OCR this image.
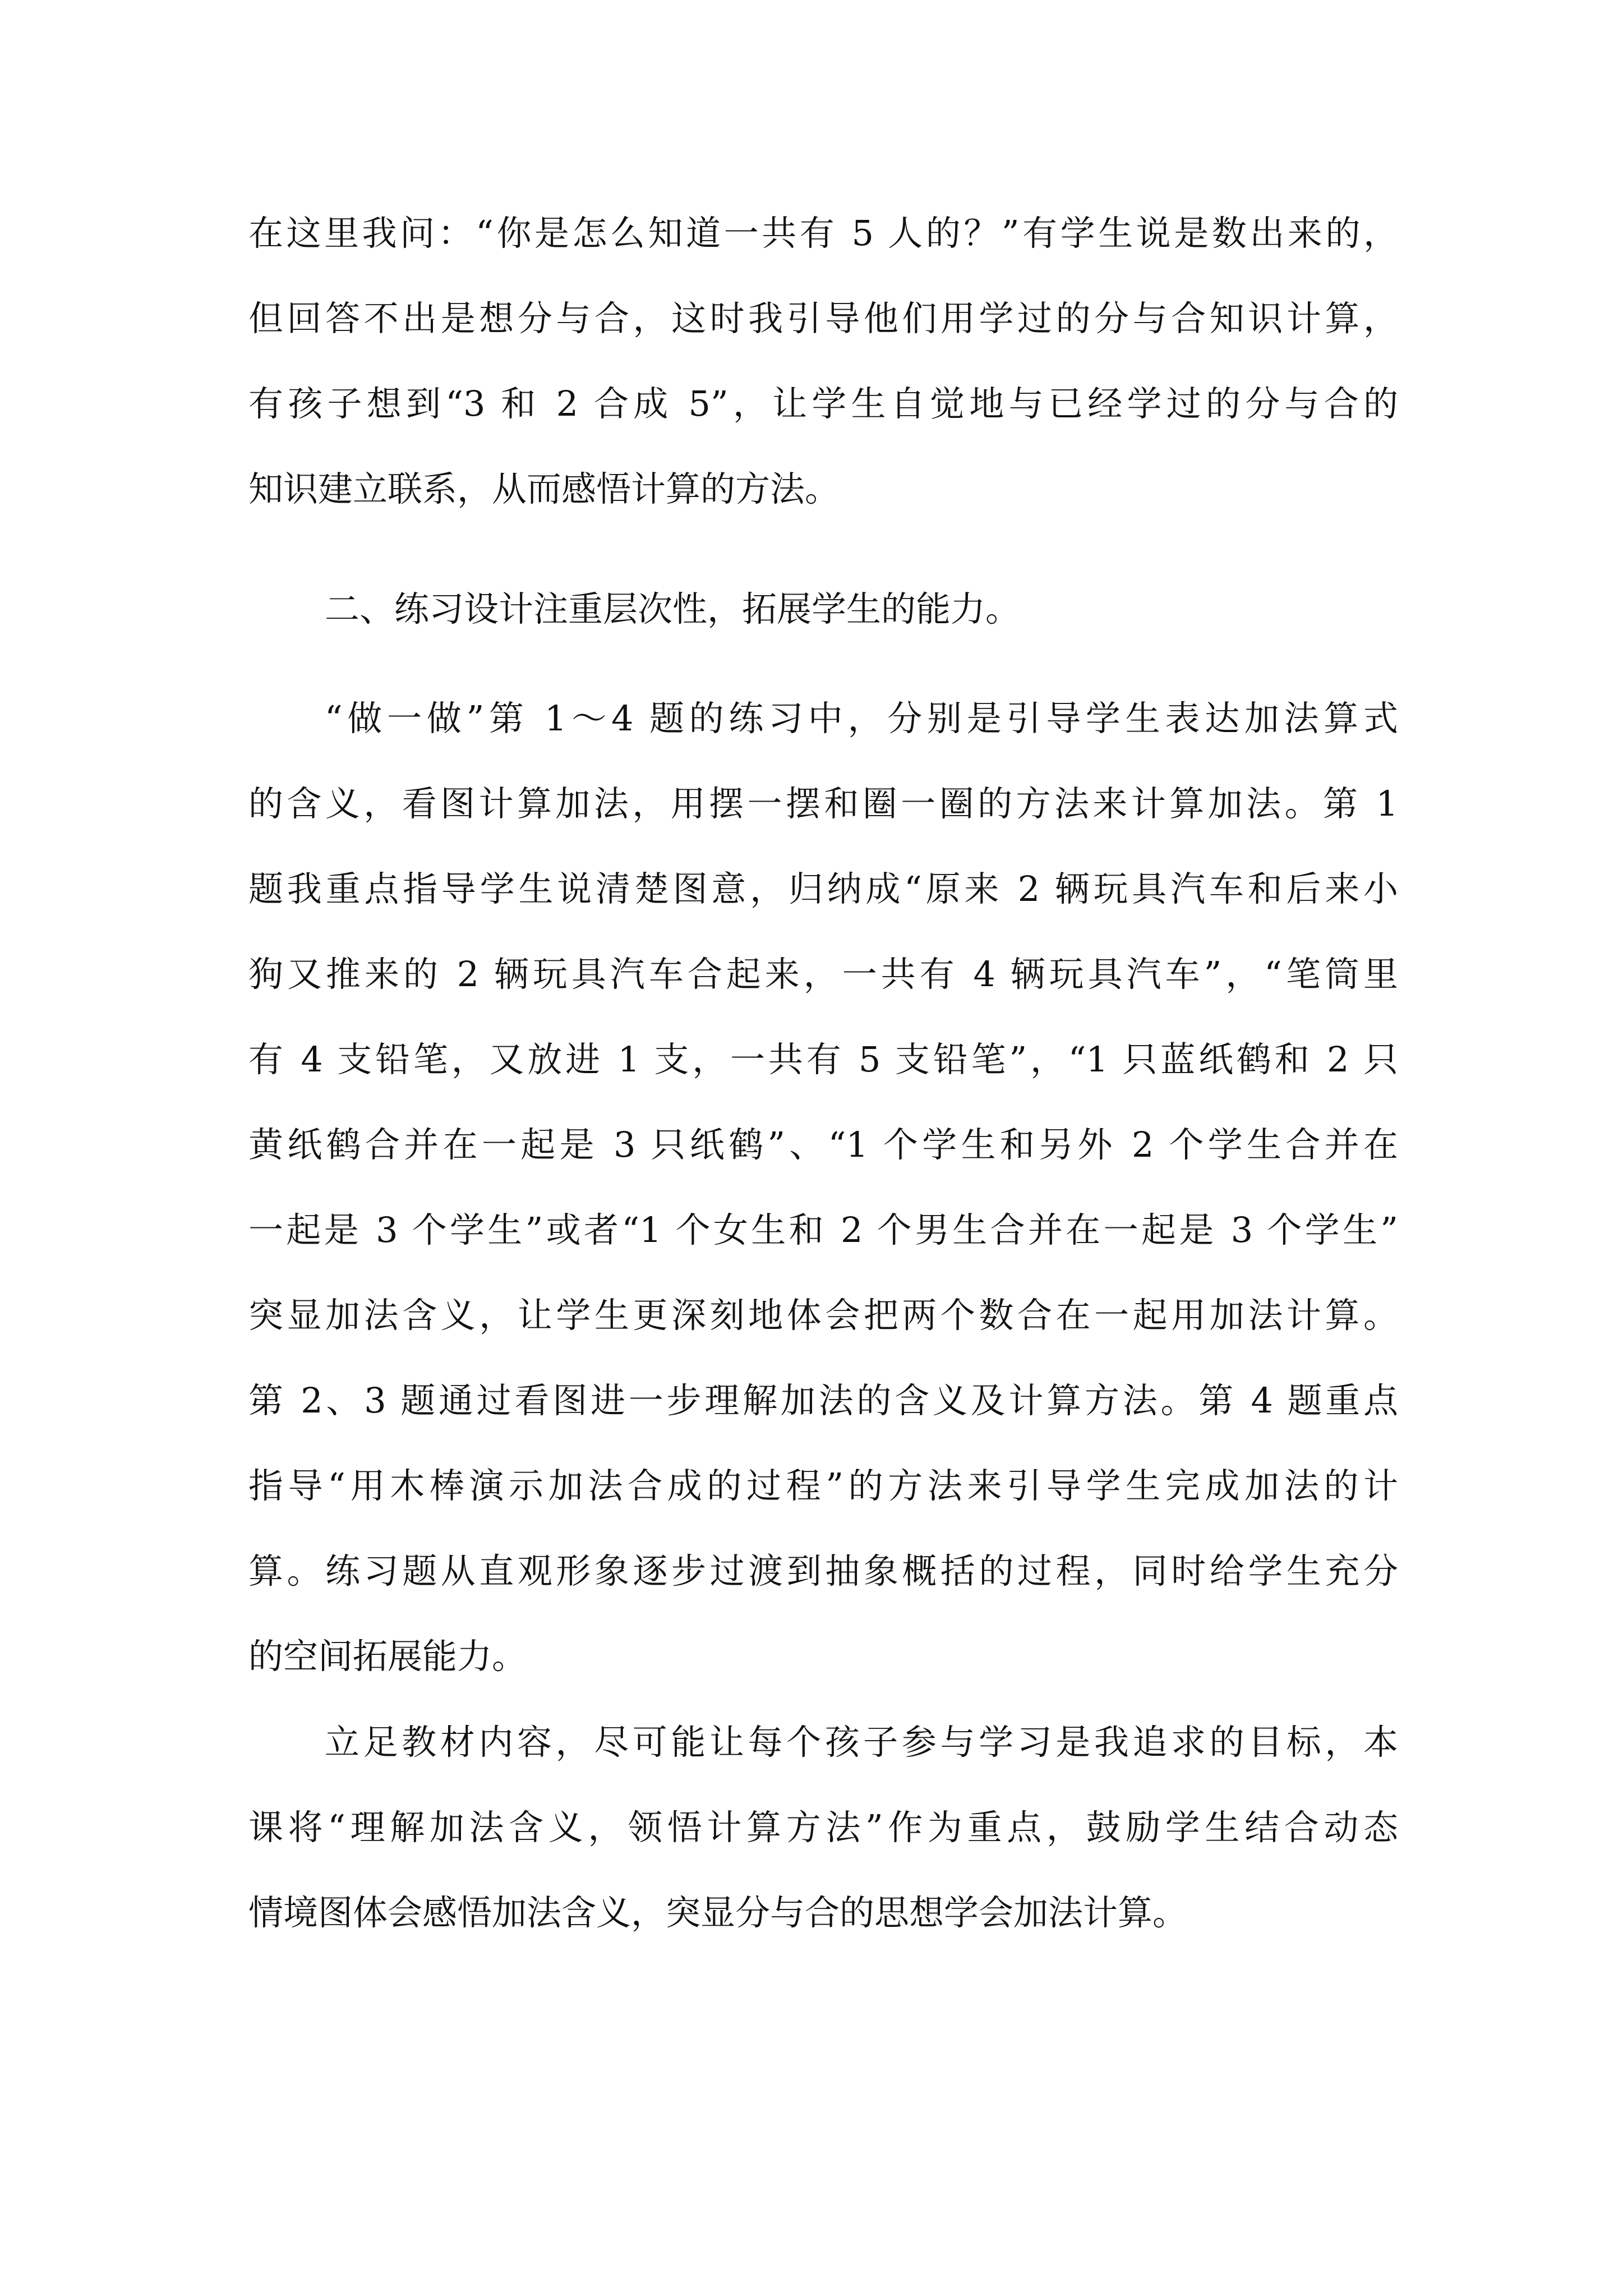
在这里我问：“你是怎么知道一共有 5 人的？”有学生说是数出来的，
但回答不出是想分与合，这时我引导他们用学过的分与合知识计算，
有孩子想到“3 和 2 合成 5”，让学生自觉地与已经学过的分与合的
知识建立联系，从而感悟计算的方法。
二、练习设计注重层次性，拓展学生的能力。
“做一做”第 1～4 题的练习中，分别是引导学生表达加法算式
的含义，看图计算加法，用摆一摆和圈一圈的方法来计算加法。第 1
题我重点指导学生说清楚图意，归纳成“原来 2 辆玩具汽车和后来小
狗又推来的 2 辆玩具汽车合起来，一共有 4 辆玩具汽车”，“笔筒里
有 4 支铅笔，又放进 1 支，一共有 5 支铅笔”，“1 只蓝纸鹤和 2 只
黄纸鹤合并在一起是 3 只纸鹤”、“1 个学生和另外 2 个学生合并在
一起是 3 个学生”或者“1 个女生和 2 个男生合并在一起是 3 个学生”
突显加法含义，让学生更深刻地体会把两个数合在一起用加法计算。
第 2、3 题通过看图进一步理解加法的含义及计算方法。第 4 题重点
指导“用木棒演示加法合成的过程”的方法来引导学生完成加法的计
算。练习题从直观形象逐步过渡到抽象概括的过程，同时给学生充分
的空间拓展能力。
立足教材内容，尽可能让每个孩子参与学习是我追求的目标，本
课将“理解加法含义，领悟计算方法”作为重点，鼓励学生结合动态
情境图体会感悟加法含义，突显分与合的思想学会加法计算。
